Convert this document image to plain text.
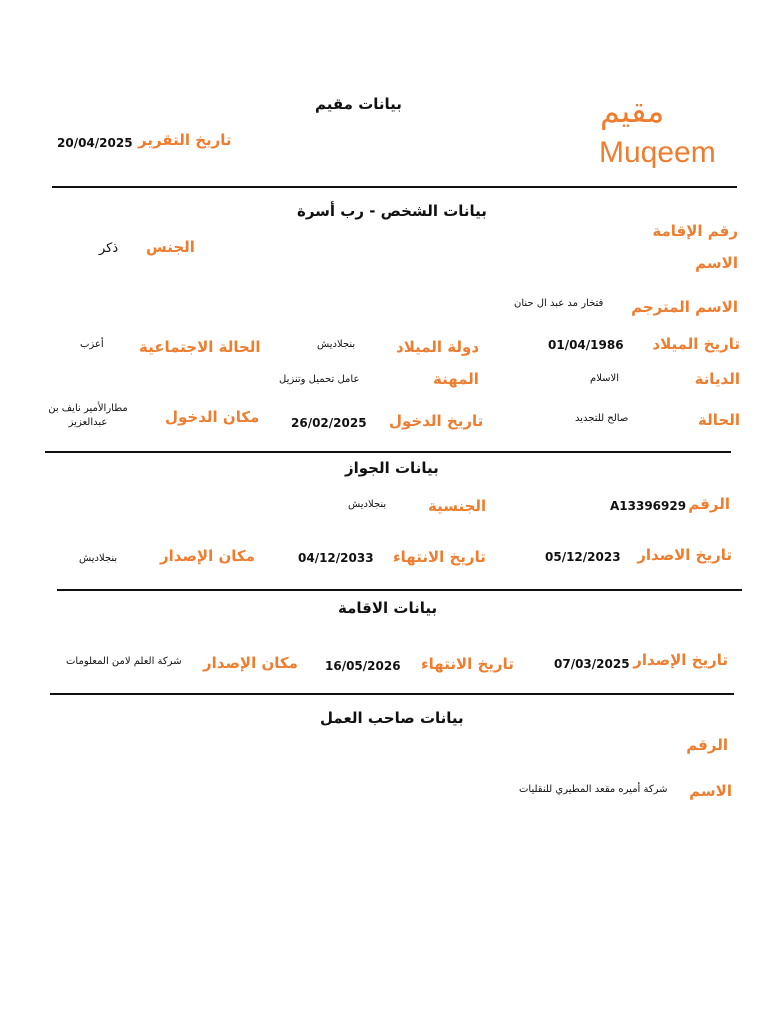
بيانات مقيم
تاريخ التقرير
20/04/2025
مقيم
Muqeem
بيانات الشخص - رب أسرة
رقم الإقامة
الاسم
الجنس
ذكر
الاسم المترجم
فتخار مد عبد ال حنان
تاريخ الميلاد
01/04/1986
دولة الميلاد
بنجلاديش
الحالة الاجتماعية
أعزب
الديانة
الاسلام
المهنة
عامل تحميل وتنزيل
الحالة
صالح للتجديد
تاريخ الدخول
26/02/2025
مكان الدخول
مطارالأمير نايف بن عبدالعزيز
بيانات الجواز
الرقم
A13396929
الجنسية
بنجلاديش
تاريخ الاصدار
05/12/2023
تاريخ الانتهاء
04/12/2033
مكان الإصدار
بنجلاديش
بيانات الاقامة
تاريخ الإصدار
07/03/2025
تاريخ الانتهاء
16/05/2026
مكان الإصدار
شركة العلم لامن المعلومات
بيانات صاحب العمل
الرقم
الاسم
شركة أميره مقعد المطيري للنقليات
